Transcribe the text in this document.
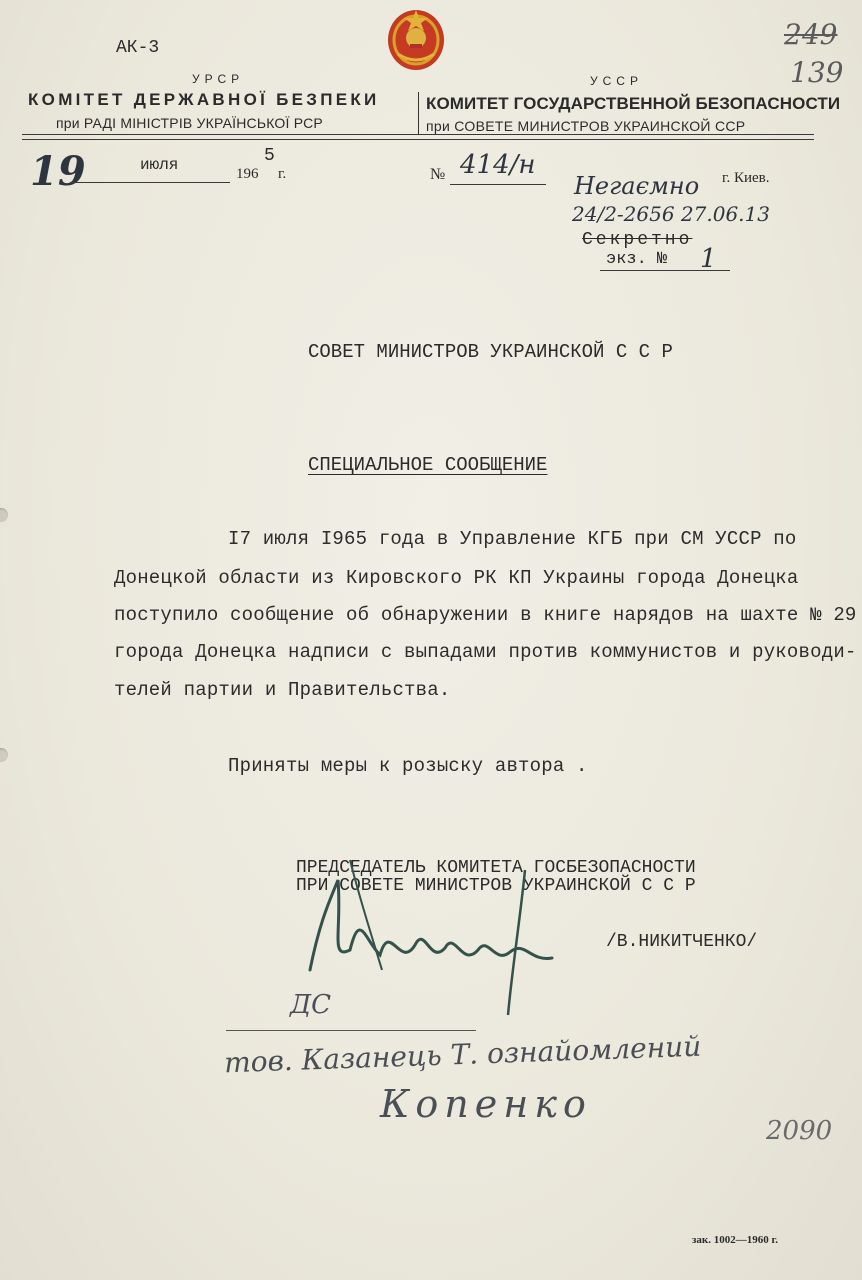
АК-3
УРСР
КОМІТЕТ ДЕРЖАВНОЇ БЕЗПЕКИ
при РАДІ МІНІСТРІВ УКРАЇНСЬКОЇ РСР
УССР
КОМИТЕТ ГОСУДАРСТВЕННОЙ БЕЗОПАСНОСТИ
при СОВЕТЕ МИНИСТРОВ УКРАИНСКОЙ ССР
249
139
19	июля	196
5
г.	№ 414/н	г. Киев.
Негаємно
24/2-2656 27.06.13
Секретно
экз. № 1
СОВЕТ МИНИСТРОВ УКРАИНСКОЙ С С Р
СПЕЦИАЛЬНОЕ СООБЩЕНИЕ
I7 июля I965 года в Управление КГБ при СМ УССР по
Донецкой области из Кировского РК КП Украины города Донецка
поступило сообщение об обнаружении в книге нарядов на шахте № 29
города Донецка надписи с выпадами против коммунистов и руководи-
телей партии и Правительства.
Приняты меры к розыску автора .
ПРЕДСЕДАТЕЛЬ КОМИТЕТА ГОСБЕЗОПАСНОСТИ
ПРИ СОВЕТЕ МИНИСТРОВ УКРАИНСКОЙ С С Р
/В.НИКИТЧЕНКО/
ДС
тов. Казанець Т. ознайомлений
Копенко
2090
зак. 1002—1960 г.
